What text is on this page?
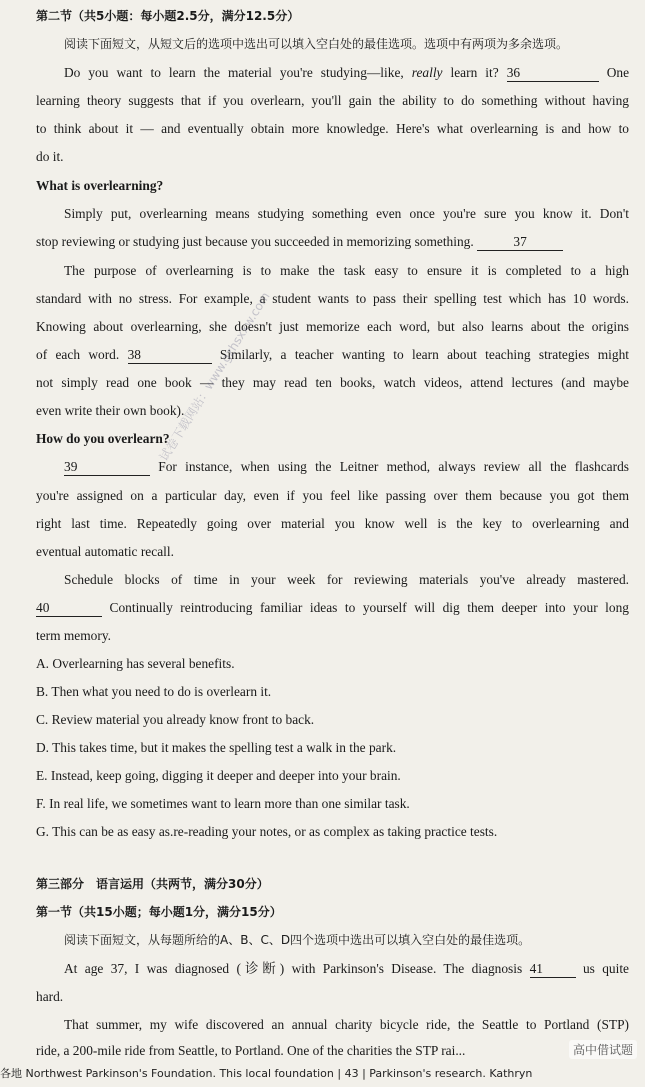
第二节（共5小题：每小题2.5分，满分12.5分）
阅读下面短文，从短文后的选项中选出可以填入空白处的最佳选项。选项中有两项为多余选项。
Do you want to learn the material you're studying—like, really learn it? 36	One
learning theory suggests that if you overlearn, you'll gain the ability to do something without having
to think about it — and eventually obtain more knowledge. Here's what overlearning is and how to
do it.
What is overlearning?
Simply put, overlearning means studying something even once you're sure you know it. Don't
stop reviewing or studying just because you succeeded in memorizing something.	37
The purpose of overlearning is to make the task easy to ensure it is completed to a high
standard with no stress. For example, a student wants to pass their spelling test which has 10 words.
Knowing about overlearning, she doesn't just memorize each word, but also learns about the origins
of each word. 38	Similarly, a teacher wanting to learn about teaching strategies might
not simply read one book — they may read ten books, watch videos, attend lectures (and maybe
even write their own book).
How do you overlearn?
39	For instance, when using the Leitner method, always review all the flashcards
you're assigned on a particular day, even if you feel like passing over them because you got them
right last time. Repeatedly going over material you know well is the key to overlearning and
eventual automatic recall.
Schedule blocks of time in your week for reviewing materials you've already mastered.
40	Continually reintroducing familiar ideas to yourself will dig them deeper into your long
term memory.
A. Overlearning has several benefits.
B. Then what you need to do is overlearn it.
C. Review material you already know front to back.
D. This takes time, but it makes the spelling test a walk in the park.
E. Instead, keep going, digging it deeper and deeper into your brain.
F. In real life, we sometimes want to learn more than one similar task.
G. This can be as easy as.re-reading your notes, or as complex as taking practice tests.
第三部分　语言运用（共两节，满分30分）
第一节（共15小题；每小题1分，满分15分）
阅读下面短文，从每题所给的A、B、C、D四个选项中选出可以填入空白处的最佳选项。
At age 37, I was diagnosed (诊断) with Parkinson's Disease. The diagnosis 41	us quite
hard.
That summer, my wife discovered an annual charity bicycle ride, the Seattle to Portland (STP)
ride, a 200-mile ride from Seattle, to Portland. One of the charities the STP rai...
试卷下载网站：www.gzhsxxw.com
高中借试题
各地 Northwest Parkinson's Foundation. This local foundation | 43 | Parkinson's research. Kathryn
